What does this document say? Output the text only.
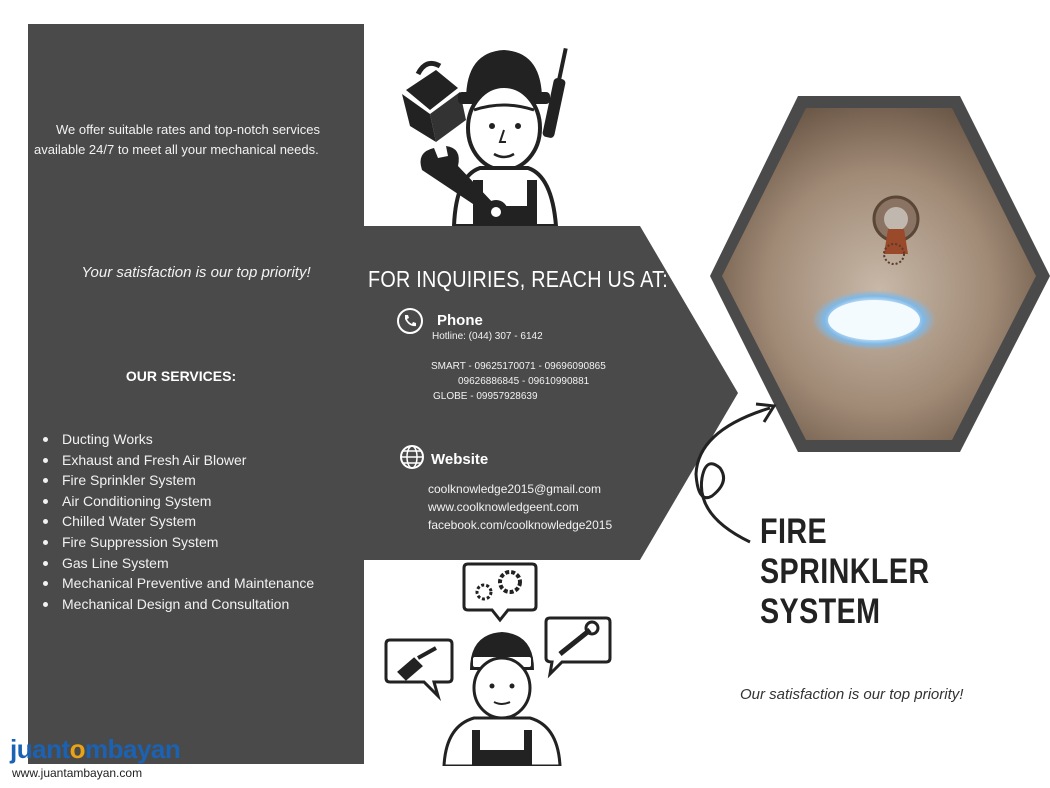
We offer suitable rates and top-notch services available 24/7 to meet all your mechanical needs.
Your satisfaction is our top priority!
OUR SERVICES:
Ducting Works
Exhaust and Fresh Air Blower
Fire Sprinkler System
Air Conditioning System
Chilled Water System
Fire Suppression System
Gas Line System
Mechanical Preventive and Maintenance
Mechanical Design and Consultation
FOR INQUIRIES, REACH US AT:
Phone
Hotline: (044) 307 - 6142
SMART - 09625170071 - 09696090865
09626886845 - 09610990881
GLOBE - 09957928639
Website
coolknowledge2015@gmail.com
www.coolknowledgeent.com
facebook.com/coolknowledge2015	FIRE SPRINKLER
SYSTEM
Our satisfaction is our top priority!
juantombayan
www.juantambayan.com
